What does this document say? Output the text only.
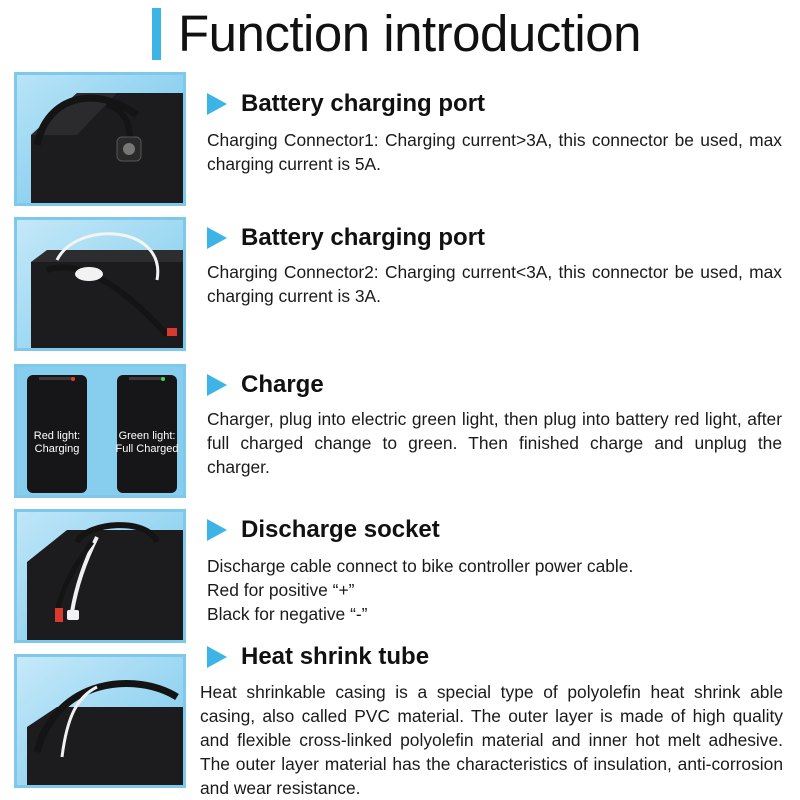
Function introduction
Battery charging port
Charging Connector1: Charging current>3A, this connector be used, max charging current is 5A.
Battery charging port
Charging Connector2: Charging current<3A, this connector be used, max charging current is 3A.
Red light:
Charging
Green light:
Full Charged
Charge
Charger, plug into electric green light, then plug into battery red light, after full charged change to green. Then finished charge and unplug the charger.
Discharge socket
Discharge cable connect to bike controller power cable.
Red for positive “+”
Black for negative “-”
Heat shrink tube
Heat shrinkable casing is a special type of polyolefin heat shrink able casing, also called PVC material. The outer layer is made of high quality and flexible cross-linked polyolefin material and inner hot melt adhesive. The outer layer material has the characteristics of insulation, anti-corrosion and wear resistance.
